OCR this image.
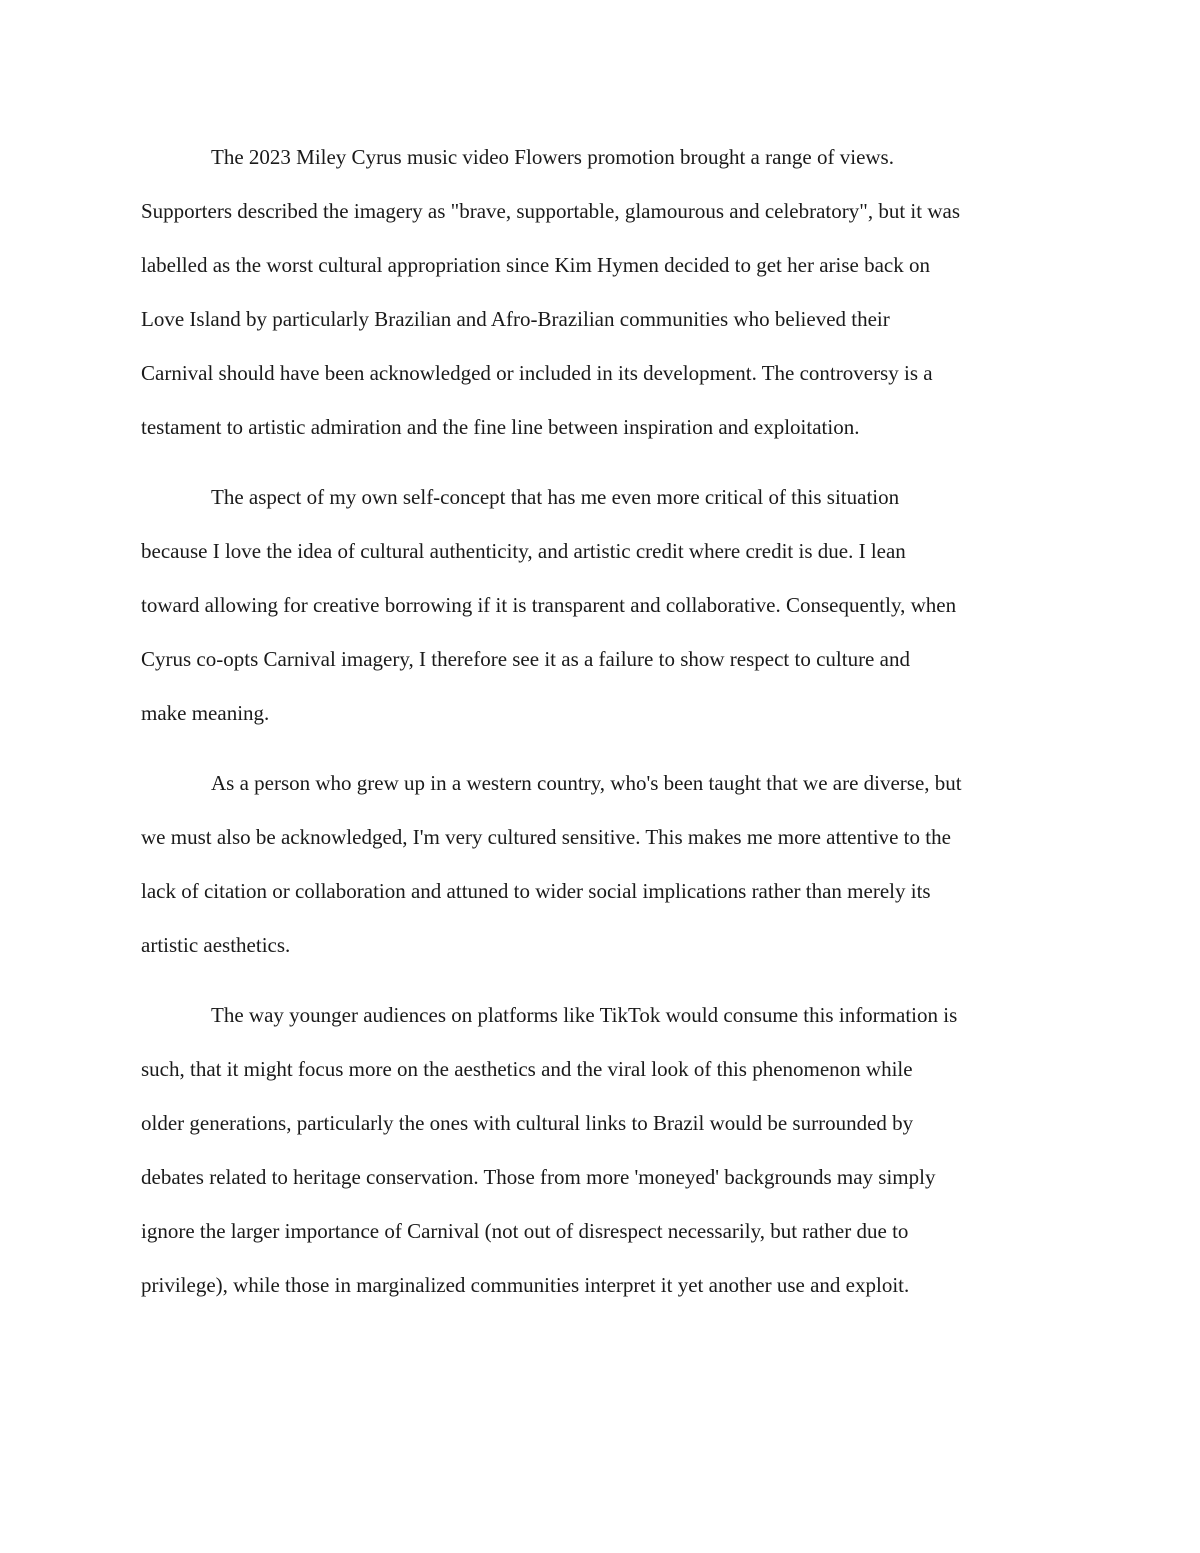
The 2023 Miley Cyrus music video Flowers promotion brought a range of views.
Supporters described the imagery as "brave, supportable, glamourous and celebratory", but it was
labelled as the worst cultural appropriation since Kim Hymen decided to get her arise back on
Love Island by particularly Brazilian and Afro-Brazilian communities who believed their
Carnival should have been acknowledged or included in its development. The controversy is a
testament to artistic admiration and the fine line between inspiration and exploitation.
The aspect of my own self-concept that has me even more critical of this situation
because I love the idea of cultural authenticity, and artistic credit where credit is due. I lean
toward allowing for creative borrowing if it is transparent and collaborative. Consequently, when
Cyrus co-opts Carnival imagery, I therefore see it as a failure to show respect to culture and
make meaning.
As a person who grew up in a western country, who's been taught that we are diverse, but
we must also be acknowledged, I'm very cultured sensitive. This makes me more attentive to the
lack of citation or collaboration and attuned to wider social implications rather than merely its
artistic aesthetics.
The way younger audiences on platforms like TikTok would consume this information is
such, that it might focus more on the aesthetics and the viral look of this phenomenon while
older generations, particularly the ones with cultural links to Brazil would be surrounded by
debates related to heritage conservation. Those from more 'moneyed' backgrounds may simply
ignore the larger importance of Carnival (not out of disrespect necessarily, but rather due to
privilege), while those in marginalized communities interpret it yet another use and exploit.
